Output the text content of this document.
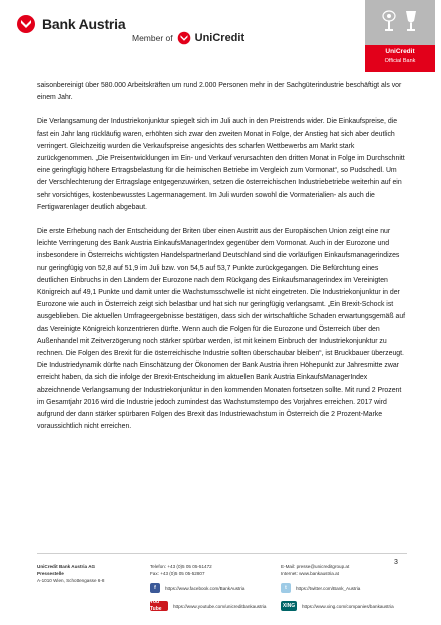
Bank Austria
Member of UniCredit
UniCredit
Official Bank

saisonbereinigt über 580.000 Arbeitskräften um rund 2.000 Personen mehr in der Sachgüterindustrie beschäftigt als vor einem Jahr.

Die Verlangsamung der Industriekonjunktur spiegelt sich im Juli auch in den Preistrends wider. Die Einkaufspreise, die fast ein Jahr lang rückläufig waren, erhöhten sich zwar den zweiten Monat in Folge, der Anstieg hat sich aber deutlich verringert. Gleichzeitig wurden die Verkaufspreise angesichts des scharfen Wettbewerbs am Markt stark zurückgenommen. „Die Preisentwicklungen im Ein- und Verkauf verursachten den dritten Monat in Folge im Durchschnitt eine geringfügig höhere Ertragsbelastung für die heimischen Betriebe im Vergleich zum Vormonat“, so Pudschedl. Um der Verschlechterung der Ertragslage entgegenzuwirken, setzen die österreichischen Industriebetriebe weiterhin auf ein sehr vorsichtiges, kostenbewusstes Lagermanagement. Im Juli wurden sowohl die Vormaterialien- als auch die Fertigwarenlager deutlich abgebaut.

Die erste Erhebung nach der Entscheidung der Briten über einen Austritt aus der Europäischen Union zeigt eine nur leichte Verringerung des Bank Austria EinkaufsManagerIndex gegenüber dem Vormonat. Auch in der Eurozone und insbesondere in Österreichs wichtigsten Handelspartnerland Deutschland sind die vorläufigen Einkaufsmanagerindizes nur geringfügig von 52,8 auf 51,9 im Juli bzw. von 54,5 auf 53,7 Punkte zurückgegangen. Die Befürchtung eines deutlichen Einbruchs in den Ländern der Eurozone nach dem Rückgang des Einkaufsmanagerindex im Vereinigten Königreich auf 49,1 Punkte und damit unter die Wachstumsschwelle ist nicht eingetreten. Die Industriekonjunktur in der Eurozone wie auch in Österreich zeigt sich belastbar und hat sich nur geringfügig verlangsamt. „Ein Brexit-Schock ist ausgeblieben. Die aktuellen Umfrageergebnisse bestätigen, dass sich der wirtschaftliche Schaden erwartungsgemäß auf das Vereinigte Königreich konzentrieren dürfte. Wenn auch die Folgen für die Eurozone und Österreich über den Außenhandel mit Zeitverzögerung noch stärker spürbar werden, ist mit keinem Einbruch der Industriekonjunktur zu rechnen. Die Folgen des Brexit für die österreichische Industrie sollten überschaubar bleiben“, ist Bruckbauer überzeugt. Die Industriedynamik dürfte nach Einschätzung der Ökonomen der Bank Austria ihren Höhepunkt zur Jahresmitte zwar erreicht haben, da sich die infolge der Brexit-Entscheidung im aktuellen Bank Austria EinkaufsManagerIndex abzeichnende Verlangsamung der Industriekonjunktur in den kommenden Monaten fortsetzen sollte. Mit rund 2 Prozent im Gesamtjahr 2016 wird die Industrie jedoch zumindest das Wachstumstempo des Vorjahres erreichen. 2017 wird aufgrund der dann stärker spürbaren Folgen des Brexit das Industriewachstum in Österreich die 2 Prozent-Marke voraussichtlich nicht erreichen.

3
UniCredit Bank Austria AG
Pressestelle
A-1010 Wien, Schottengasse 6-8
Telefon: +43 (0)5 05 05-51472
Fax: +43 (0)5 05 05-52807
E-Mail: presse@unicreditgroup.at
Internet: www.bankaustria.at
f	https://www.facebook.com/BankAustria	t	https://twitter.com/Bank_Austria
You Tube	https://www.youtube.com/unicreditbankaustria	XING	https://www.xing.com/companies/bankaustria
